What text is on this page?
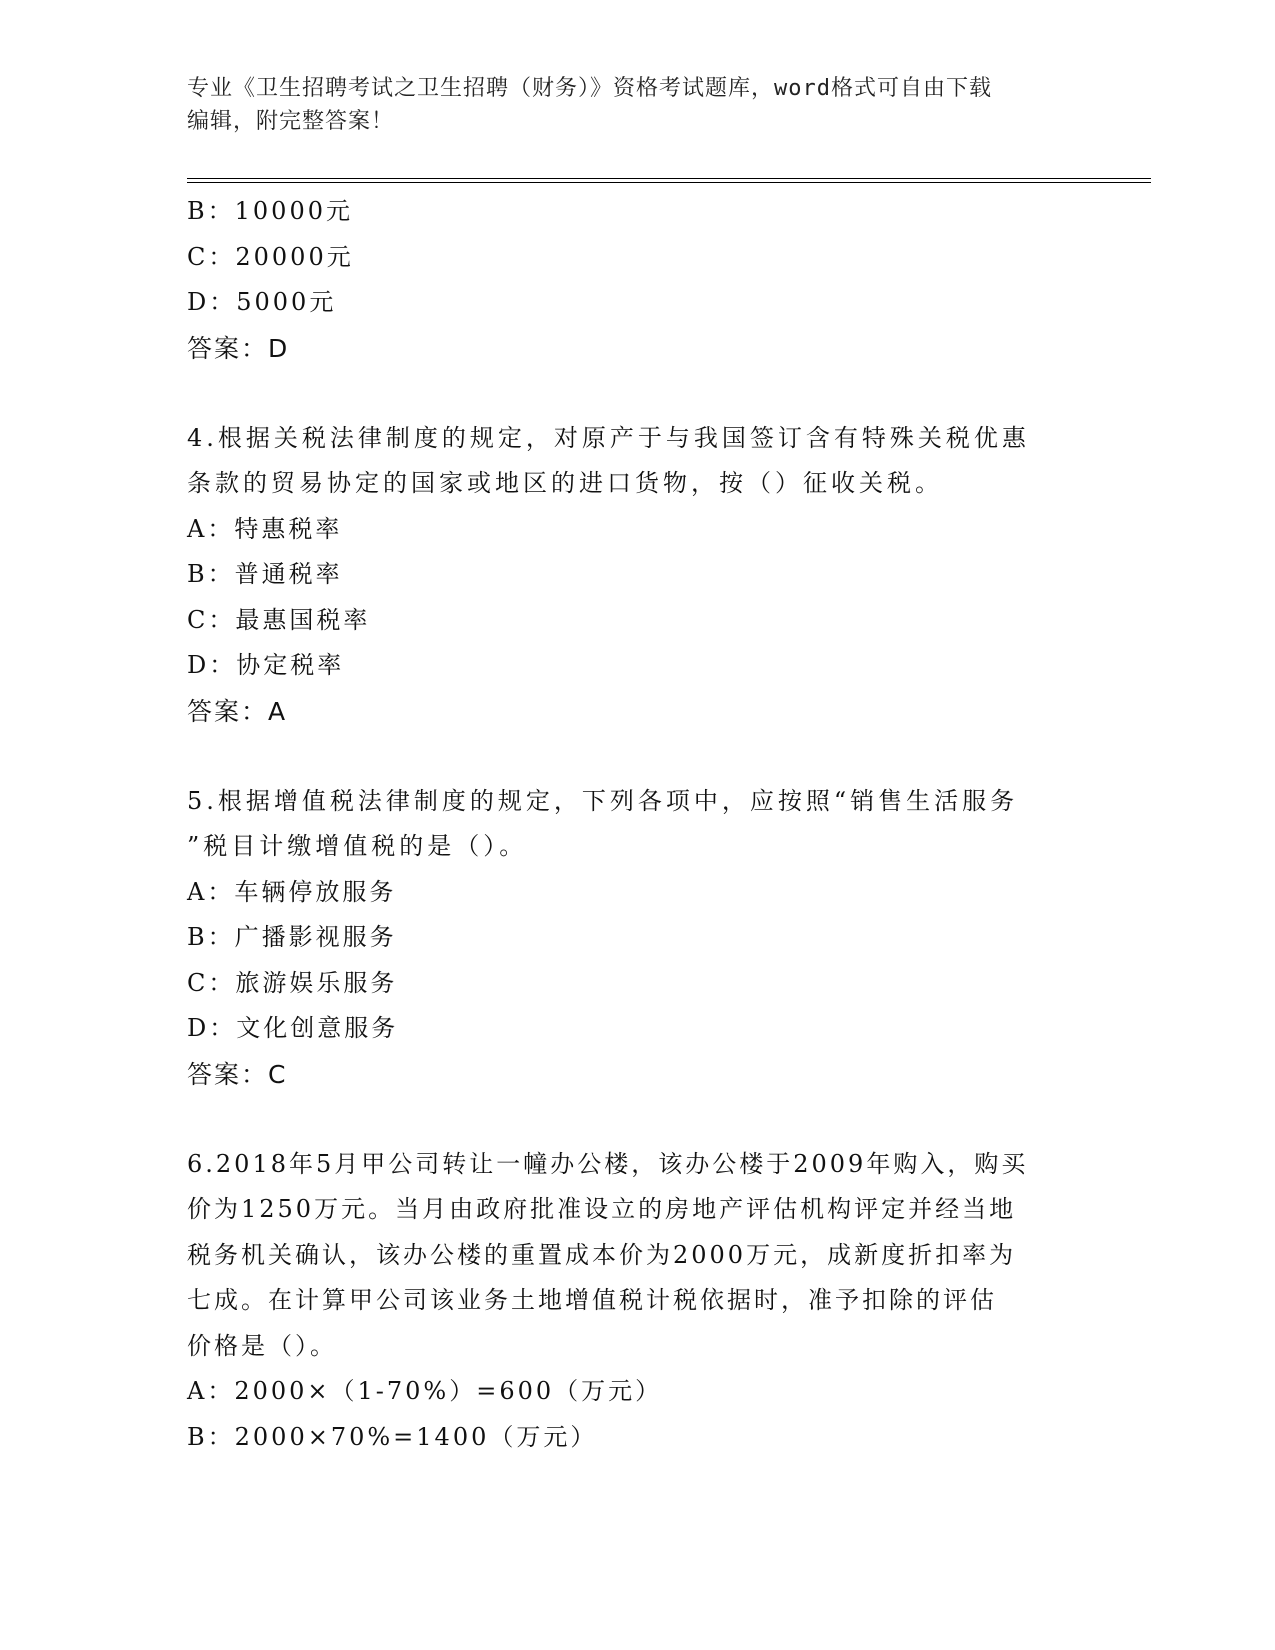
专业《卫生招聘考试之卫生招聘（财务）》资格考试题库，word格式可自由下载
编辑，附完整答案！
B：10000元
C：20000元
D：5000元
答案：D
4.根据关税法律制度的规定，对原产于与我国签订含有特殊关税优惠
条款的贸易协定的国家或地区的进口货物，按（）征收关税。
A：特惠税率
B：普通税率
C：最惠国税率
D：协定税率
答案：A
5.根据增值税法律制度的规定，下列各项中，应按照“销售生活服务
”税目计缴增值税的是（）。
A：车辆停放服务
B：广播影视服务
C：旅游娱乐服务
D：文化创意服务
答案：C
6.2018年5月甲公司转让一幢办公楼，该办公楼于2009年购入，购买
价为1250万元。当月由政府批准设立的房地产评估机构评定并经当地
税务机关确认，该办公楼的重置成本价为2000万元，成新度折扣率为
七成。在计算甲公司该业务土地增值税计税依据时，准予扣除的评估
价格是（）。
A：2000×（1-70%）=600（万元）
B：2000×70%=1400（万元）
